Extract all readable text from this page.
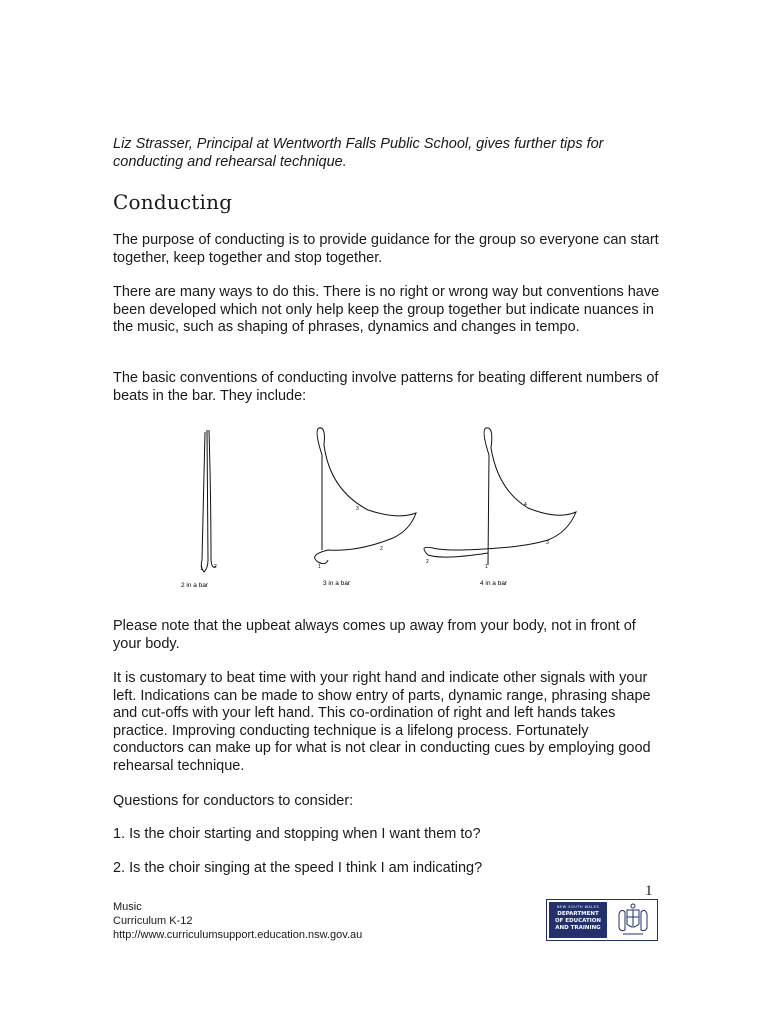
Liz Strasser, Principal at Wentworth Falls Public School, gives further tips for conducting and rehearsal technique.

Conducting

The purpose of conducting is to provide guidance for the group so everyone can start together, keep together and stop together.

There are many ways to do this. There is no right or wrong way but conventions have been developed which not only help keep the group together but indicate nuances in the music, such as shaping of phrases, dynamics and changes in tempo.

The basic conventions of conducting involve patterns for beating different numbers of beats in the bar. They include:

1 2
2 in a bar
1
2
3
3 in a bar
1
2
3
4
4 in a bar

Please note that the upbeat always comes up away from your body, not in front of your body.

It is customary to beat time with your right hand and indicate other signals with your left. Indications can be made to show entry of parts, dynamic range, phrasing shape and cut-offs with your left hand. This co-ordination of right and left hands takes practice. Improving conducting technique is a lifelong process. Fortunately conductors can make up for what is not clear in conducting cues by employing good rehearsal technique.

Questions for conductors to consider:

1. Is the choir starting and stopping when I want them to?

2. Is the choir singing at the speed I think I am indicating?

1
Music
Curriculum K-12
http://www.curriculumsupport.education.nsw.gov.au
NEW SOUTH WALES
DEPARTMENT
OF EDUCATION
AND TRAINING
